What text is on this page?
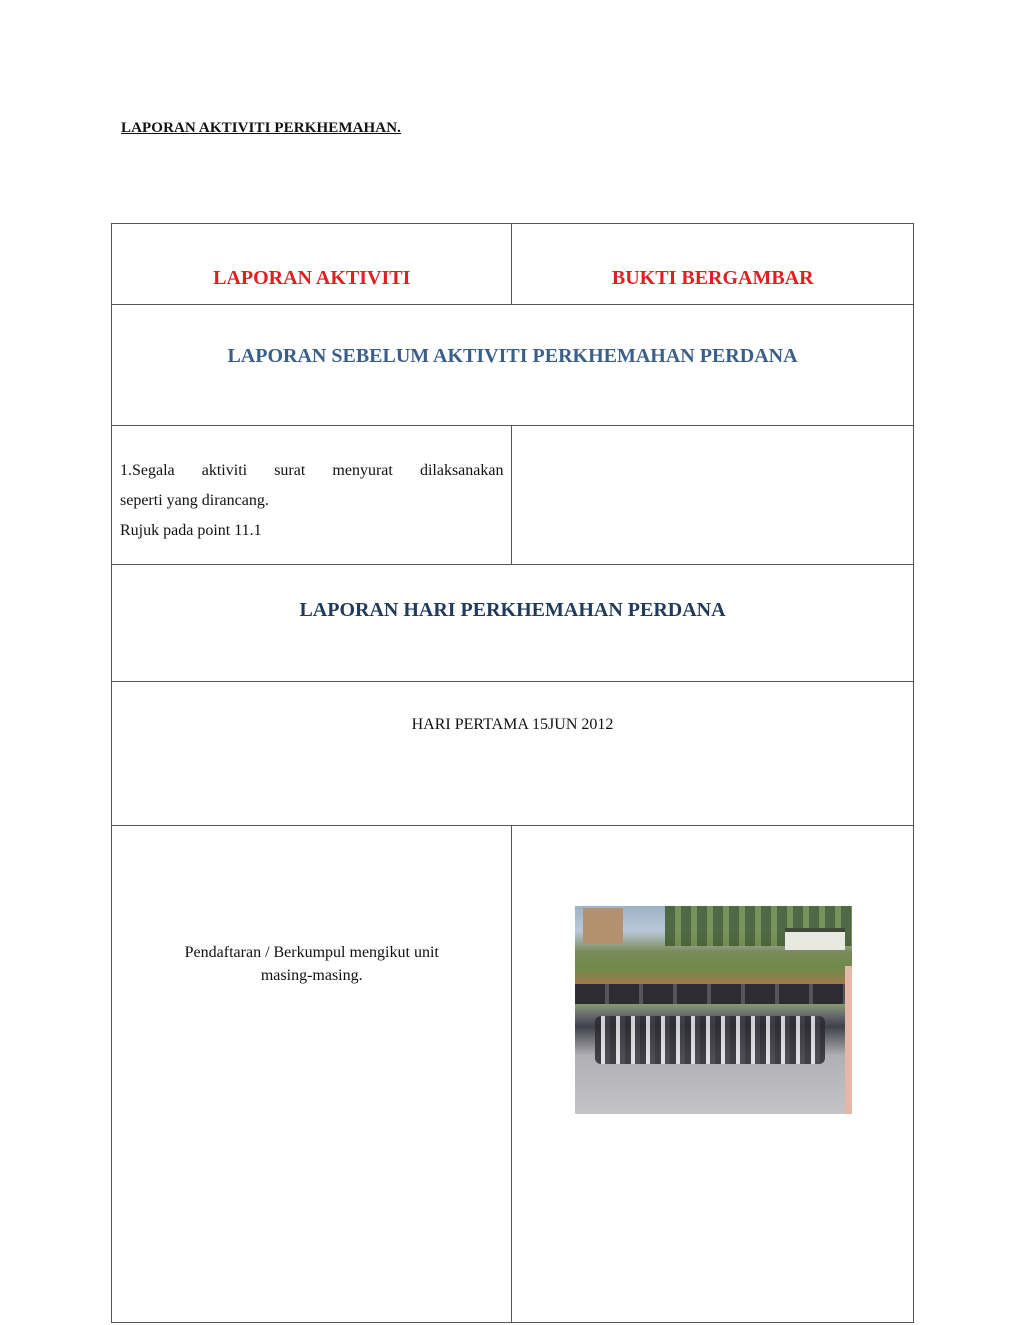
LAPORAN AKTIVITI PERKHEMAHAN.
LAPORAN AKTIVITI	BUKTI BERGAMBAR
LAPORAN SEBELUM AKTIVITI PERKHEMAHAN PERDANA	

1.Segala aktiviti surat menyurat dilaksanakan
seperti yang dirancang.
Rujuk pada point 11.1	

LAPORAN HARI PERKHEMAHAN PERDANA	
HARI PERTAMA 15JUN 2012	
Pendaftaran / Berkumpul mengikut unit
masing-masing.	
